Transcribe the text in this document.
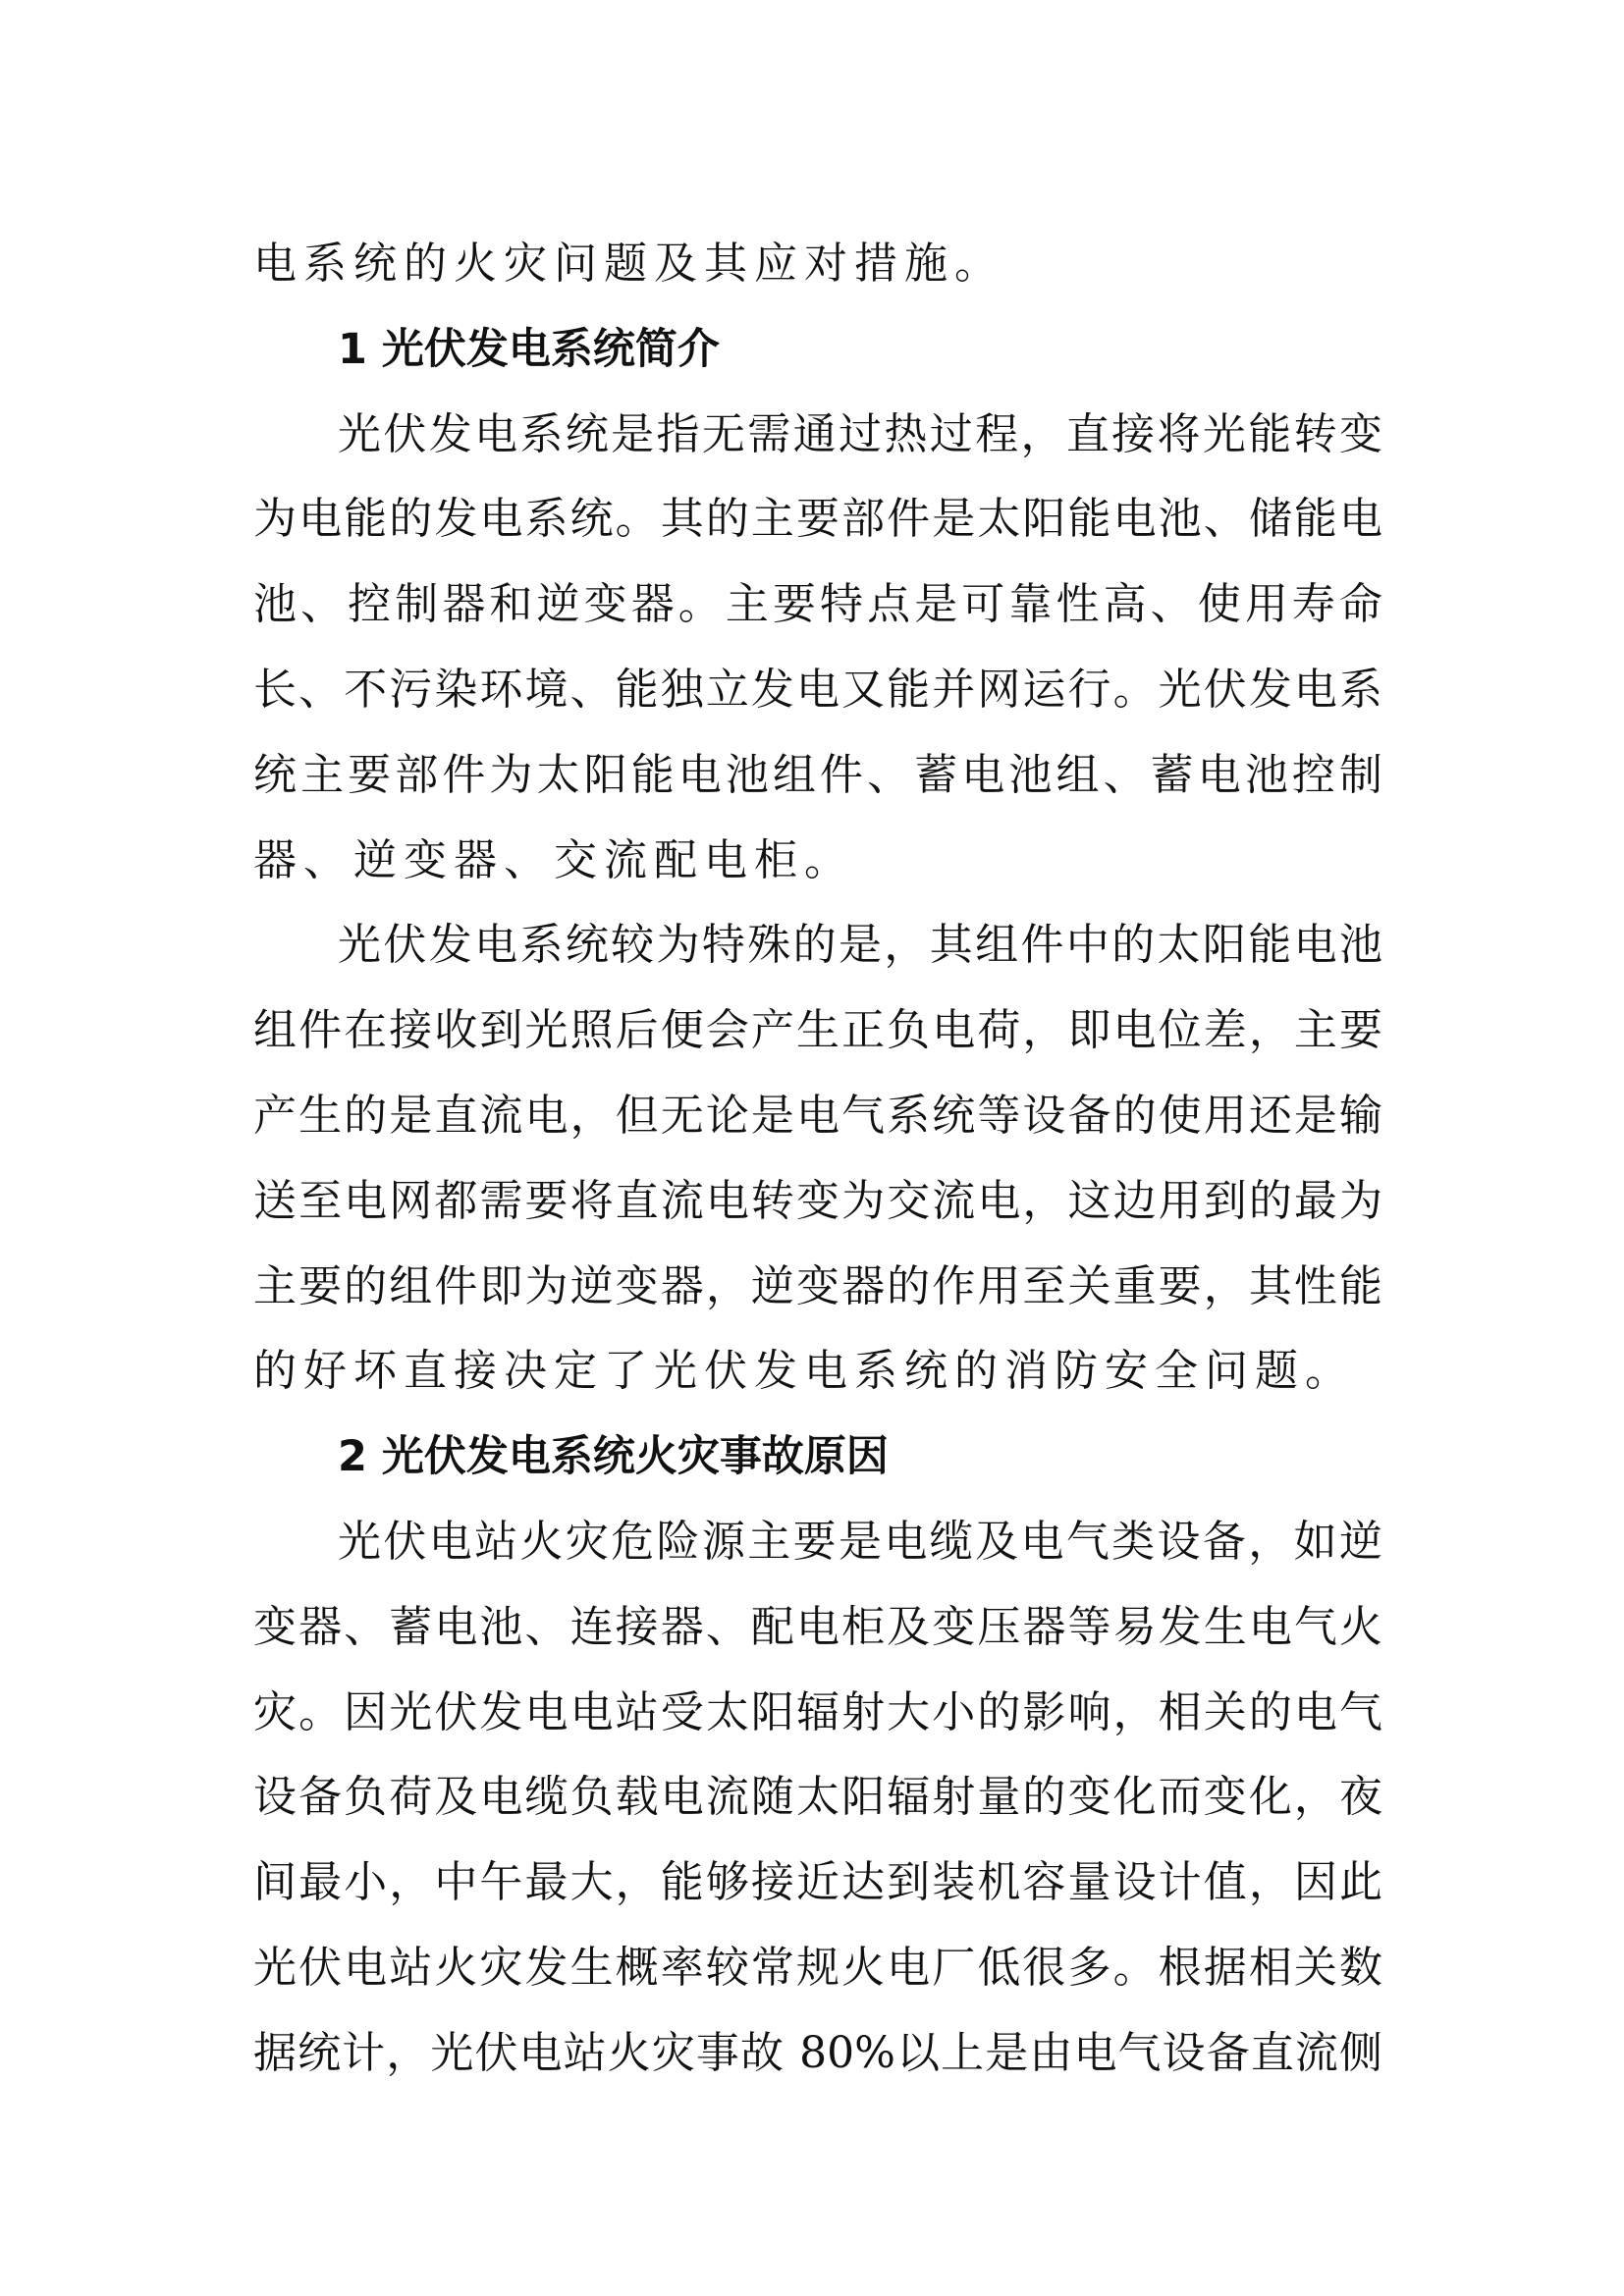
电系统的火灾问题及其应对措施。
1 光伏发电系统简介
光伏发电系统是指无需通过热过程，直接将光能转变
为电能的发电系统。其的主要部件是太阳能电池、储能电
池、控制器和逆变器。主要特点是可靠性高、使用寿命
长、不污染环境、能独立发电又能并网运行。光伏发电系
统主要部件为太阳能电池组件、蓄电池组、蓄电池控制
器、逆变器、交流配电柜。
光伏发电系统较为特殊的是，其组件中的太阳能电池
组件在接收到光照后便会产生正负电荷，即电位差，主要
产生的是直流电，但无论是电气系统等设备的使用还是输
送至电网都需要将直流电转变为交流电，这边用到的最为
主要的组件即为逆变器，逆变器的作用至关重要，其性能
的好坏直接决定了光伏发电系统的消防安全问题。
2 光伏发电系统火灾事故原因
光伏电站火灾危险源主要是电缆及电气类设备，如逆
变器、蓄电池、连接器、配电柜及变压器等易发生电气火
灾。因光伏发电电站受太阳辐射大小的影响，相关的电气
设备负荷及电缆负载电流随太阳辐射量的变化而变化，夜
间最小，中午最大，能够接近达到装机容量设计值，因此
光伏电站火灾发生概率较常规火电厂低很多。根据相关数
据统计，光伏电站火灾事故 80%以上是由电气设备直流侧
